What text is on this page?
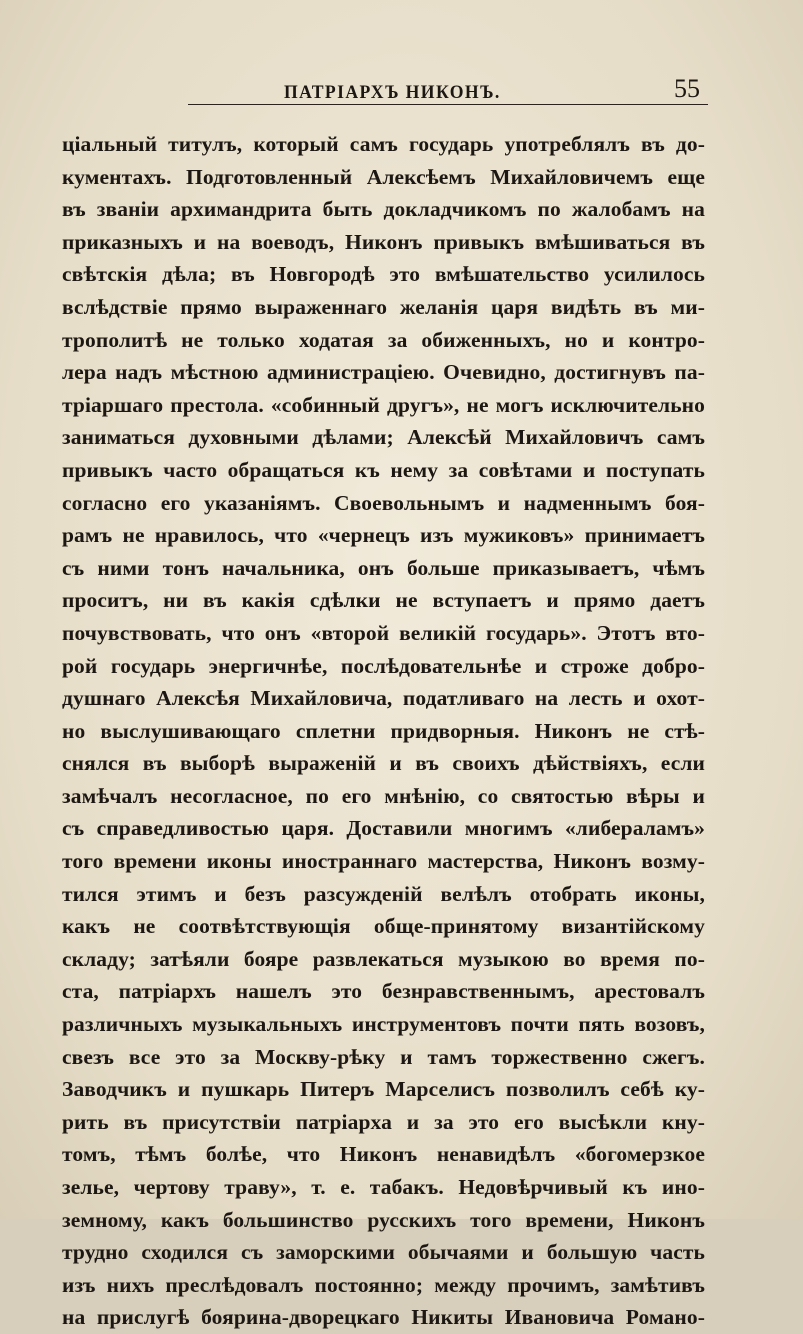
ПАТРІАРХЪ НИКОНЪ.	55
ціальный титулъ, который самъ государь употреблялъ въ до-
кументахъ. Подготовленный Алексѣемъ Михайловичемъ еще
въ званіи архимандрита быть докладчикомъ по жалобамъ на
приказныхъ и на воеводъ, Никонъ привыкъ вмѣшиваться въ
свѣтскія дѣла; въ Новгородѣ это вмѣшательство усилилось
вслѣдствіе прямо выраженнаго желанія царя видѣть въ ми-
трополитѣ не только ходатая за обиженныхъ, но и контро-
лера надъ мѣстною администраціею. Очевидно, достигнувъ па-
тріаршаго престола. «собинный другъ», не могъ исключительно
заниматься духовными дѣлами; Алексѣй Михайловичъ самъ
привыкъ часто обращаться къ нему за совѣтами и поступать
согласно его указаніямъ. Своевольнымъ и надменнымъ боя-
рамъ не нравилось, что «чернецъ изъ мужиковъ» принимаетъ
съ ними тонъ начальника, онъ больше приказываетъ, чѣмъ
проситъ, ни въ какія сдѣлки не вступаетъ и прямо даетъ
почувствовать, что онъ «второй великій государь». Этотъ вто-
рой государь энергичнѣе, послѣдовательнѣе и строже добро-
душнаго Алексѣя Михайловича, податливаго на лесть и охот-
но выслушивающаго сплетни придворныя. Никонъ не стѣ-
снялся въ выборѣ выраженій и въ своихъ дѣйствіяхъ, если
замѣчалъ несогласное, по его мнѣнію, со святостью вѣры и
съ справедливостью царя. Доставили многимъ «либераламъ»
того времени иконы иностраннаго мастерства, Никонъ возму-
тился этимъ и безъ разсужденій велѣлъ отобрать иконы,
какъ не соотвѣтствующія обще-принятому византійскому
складу; затѣяли бояре развлекаться музыкою во время по-
ста, патріархъ нашелъ это безнравственнымъ, арестовалъ
различныхъ музыкальныхъ инструментовъ почти пять возовъ,
свезъ все это за Москву-рѣку и тамъ торжественно сжегъ.
Заводчикъ и пушкарь Питеръ Марселисъ позволилъ себѣ ку-
рить въ присутствіи патріарха и за это его высѣкли кну-
томъ, тѣмъ болѣе, что Никонъ ненавидѣлъ «богомерзкое
зелье, чертову траву», т. е. табакъ. Недовѣрчивый къ ино-
земному, какъ большинство русскихъ того времени, Никонъ
трудно сходился съ заморскими обычаями и большую часть
изъ нихъ преслѣдовалъ постоянно; между прочимъ, замѣтивъ
на прислугѣ боярина-дворецкаго Никиты Ивановича Романо-
